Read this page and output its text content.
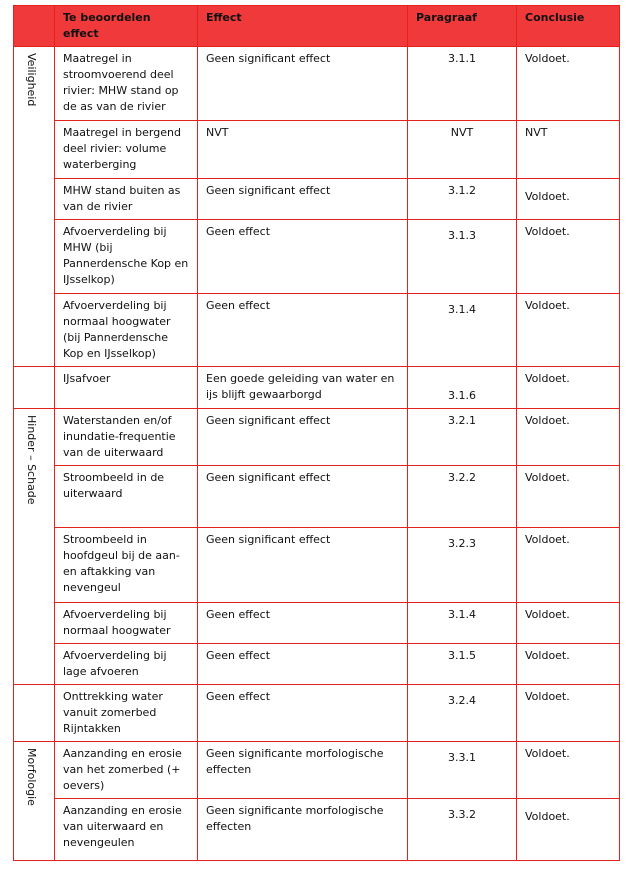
	Te beoordelen effect	Effect	Paragraaf	Conclusie

Veiligheid	Maatregel in stroomvoerend deel rivier: MHW stand op de as van de rivier	Geen significant effect	3.1.1	Voldoet.
	Maatregel in bergend deel rivier: volume waterberging	NVT	NVT	NVT
	MHW stand buiten as van de rivier	Geen significant effect	3.1.2	Voldoet.
	Afvoerverdeling bij MHW (bij Pannerdensche Kop en IJsselkop)	Geen effect	3.1.3	Voldoet.
	Afvoerverdeling bij normaal hoogwater (bij Pannerdensche Kop en IJsselkop)	Geen effect	3.1.4	Voldoet.
	IJsafvoer	Een goede geleiding van water en ijs blijft gewaarborgd	3.1.6	Voldoet.

Hinder – Schade	Waterstanden en/of inundatie-frequentie van de uiterwaard	Geen significant effect	3.2.1	Voldoet.
	Stroombeeld in de uiterwaard	Geen significant effect	3.2.2	Voldoet.
	Stroombeeld in hoofdgeul bij de aan- en aftakking van nevengeul	Geen significant effect	3.2.3	Voldoet.
	Afvoerverdeling bij normaal hoogwater	Geen effect	3.1.4	Voldoet.
	Afvoerverdeling bij lage afvoeren	Geen effect	3.1.5	Voldoet.
	Onttrekking water vanuit zomerbed Rijntakken	Geen effect	3.2.4	Voldoet.

Morfologie	Aanzanding en erosie van het zomerbed (+ oevers)	Geen significante morfologische effecten	3.3.1	Voldoet.
	Aanzanding en erosie van uiterwaard en nevengeulen	Geen significante morfologische effecten	3.3.2	Voldoet.
